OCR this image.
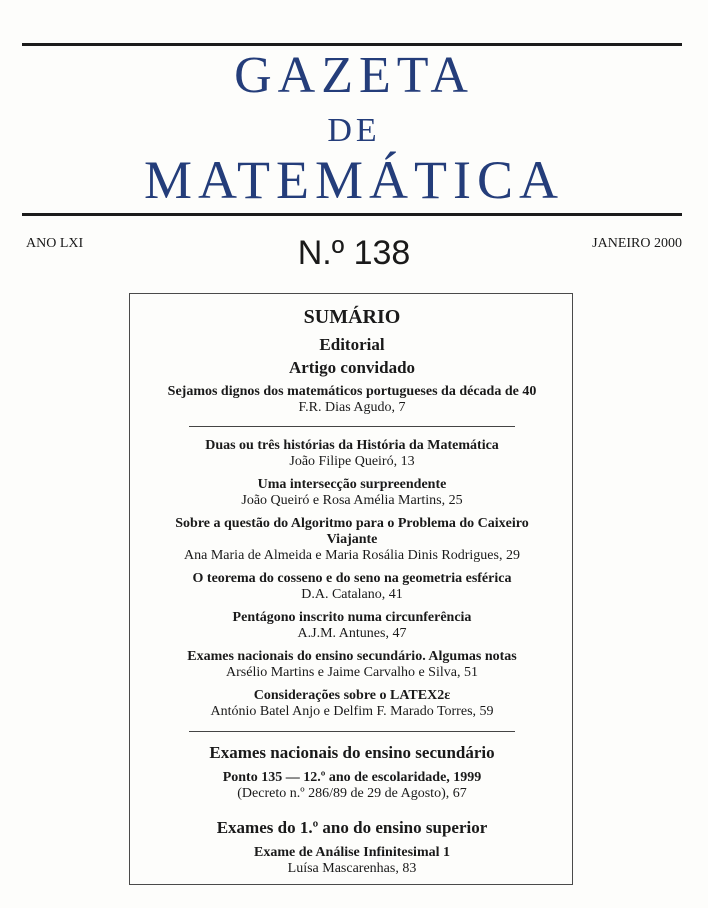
GAZETA
DE
MATEMÁTICA
ANO LXI	N.º 138	JANEIRO 2000
SUMÁRIO
Editorial
Artigo convidado
Sejamos dignos dos matemáticos portugueses da década de 40
F.R. Dias Agudo, 7
Duas ou três histórias da História da Matemática
João Filipe Queiró, 13
Uma intersecção surpreendente
João Queiró e Rosa Amélia Martins, 25
Sobre a questão do Algoritmo para o Problema do Caixeiro
Viajante
Ana Maria de Almeida e Maria Rosália Dinis Rodrigues, 29
O teorema do cosseno e do seno na geometria esférica
D.A. Catalano, 41
Pentágono inscrito numa circunferência
A.J.M. Antunes, 47
Exames nacionais do ensino secundário. Algumas notas
Arsélio Martins e Jaime Carvalho e Silva, 51
Considerações sobre o LATEX2ε
António Batel Anjo e Delfim F. Marado Torres, 59
Exames nacionais do ensino secundário
Ponto 135 — 12.º ano de escolaridade, 1999
(Decreto n.º 286/89 de 29 de Agosto), 67
Exames do 1.º ano do ensino superior
Exame de Análise Infinitesimal 1
Luísa Mascarenhas, 83
